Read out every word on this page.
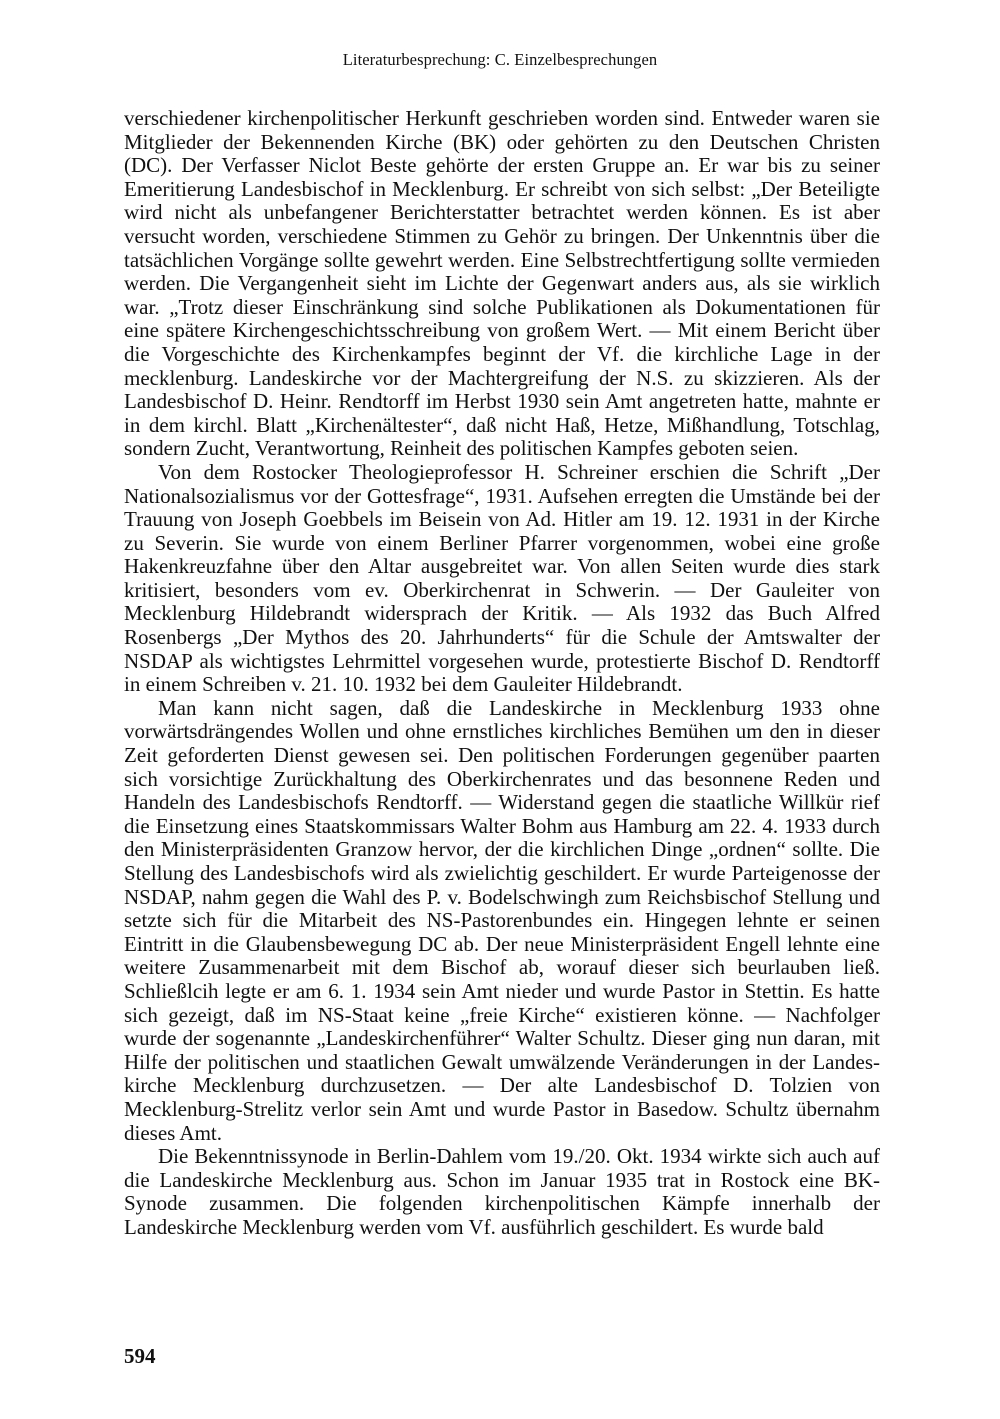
Literaturbesprechung: C. Einzelbesprechungen

verschiedener kirchenpolitischer Herkunft geschrieben worden sind. Entweder waren sie Mitglieder der Bekennenden Kirche (BK) oder gehörten zu den Deutschen Christen (DC). Der Verfasser Niclot Beste gehörte der ersten Gruppe an. Er war bis zu seiner Emeritierung Landesbischof in Mecklenburg. Er schreibt von sich selbst: „Der Beteiligte wird nicht als unbefangener Berichterstatter betrachtet werden können. Es ist aber versucht worden, verschiedene Stimmen zu Gehör zu bringen. Der Unkenntnis über die tatsächlichen Vorgänge sollte gewehrt werden. Eine Selbstrechtfertigung sollte vermieden werden. Die Vergangenheit sieht im Lichte der Gegenwart anders aus, als sie wirklich war. „Trotz dieser Einschränkung sind solche Publikationen als Dokumentationen für eine spätere Kirchengeschichtsschreibung von großem Wert. — Mit einem Bericht über die Vorgeschichte des Kirchenkampfes beginnt der Vf. die kirchliche Lage in der mecklenburg. Landeskirche vor der Machtergreifung der N.S. zu skizzieren. Als der Landesbischof D. Heinr. Rendtorff im Herbst 1930 sein Amt angetreten hatte, mahnte er in dem kirchl. Blatt „Kirchenältester“, daß nicht Haß, Hetze, Mißhandlung, Totschlag, sondern Zucht, Verantwortung, Reinheit des politischen Kampfes geboten seien.

Von dem Rostocker Theologieprofessor H. Schreiner erschien die Schrift „Der Nationalsozialismus vor der Gottesfrage“, 1931. Aufsehen erregten die Umstände bei der Trauung von Joseph Goebbels im Beisein von Ad. Hitler am 19. 12. 1931 in der Kirche zu Severin. Sie wurde von einem Berliner Pfarrer vorgenommen, wobei eine große Hakenkreuzfahne über den Altar ausgebreitet war. Von allen Seiten wurde dies stark kritisiert, besonders vom ev. Oberkirchenrat in Schwerin. — Der Gauleiter von Mecklenburg Hildebrandt widersprach der Kritik. — Als 1932 das Buch Alfred Rosenbergs „Der Mythos des 20. Jahrhunderts“ für die Schule der Amtswalter der NSDAP als wichtigstes Lehrmittel vorgesehen wurde, protestierte Bischof D. Rendtorff in einem Schreiben v. 21. 10. 1932 bei dem Gauleiter Hildebrandt.

Man kann nicht sagen, daß die Landeskirche in Mecklenburg 1933 ohne vorwärtsdrängendes Wollen und ohne ernstliches kirchliches Bemühen um den in dieser Zeit geforderten Dienst gewesen sei. Den politischen Forderungen gegenüber paarten sich vorsichtige Zurückhaltung des Oberkirchenrates und das besonnene Reden und Handeln des Landesbischofs Rendtorff. — Widerstand gegen die staatliche Willkür rief die Einsetzung eines Staatskommissars Walter Bohm aus Hamburg am 22. 4. 1933 durch den Ministerpräsidenten Granzow hervor, der die kirchlichen Dinge „ordnen“ sollte. Die Stellung des Landesbischofs wird als zwielichtig geschildert. Er wurde Parteigenosse der NSDAP, nahm gegen die Wahl des P. v. Bodelschwingh zum Reichsbischof Stellung und setzte sich für die Mitarbeit des NS-Pastorenbundes ein. Hingegen lehnte er seinen Eintritt in die Glaubensbewegung DC ab. Der neue Ministerpräsident Engell lehnte eine weitere Zusammenarbeit mit dem Bischof ab, worauf dieser sich beurlauben ließ. Schließlcih legte er am 6. 1. 1934 sein Amt nieder und wurde Pastor in Stettin. Es hatte sich gezeigt, daß im NS-Staat keine „freie Kirche“ existieren könne. — Nachfolger wurde der sogenannte „Landeskirchenführer“ Walter Schultz. Dieser ging nun daran, mit Hilfe der politischen und staatlichen Gewalt umwälzende Veränderungen in der Landeskirche Mecklenburg durchzusetzen. — Der alte Landesbischof D. Tolzien von Mecklenburg-Strelitz verlor sein Amt und wurde Pastor in Basedow. Schultz übernahm dieses Amt.

Die Bekenntnissynode in Berlin-Dahlem vom 19./20. Okt. 1934 wirkte sich auch auf die Landeskirche Mecklenburg aus. Schon im Januar 1935 trat in Rostock eine BK-Synode zusammen. Die folgenden kirchenpolitischen Kämpfe innerhalb der Landeskirche Mecklenburg werden vom Vf. ausführlich geschildert. Es wurde bald

594
